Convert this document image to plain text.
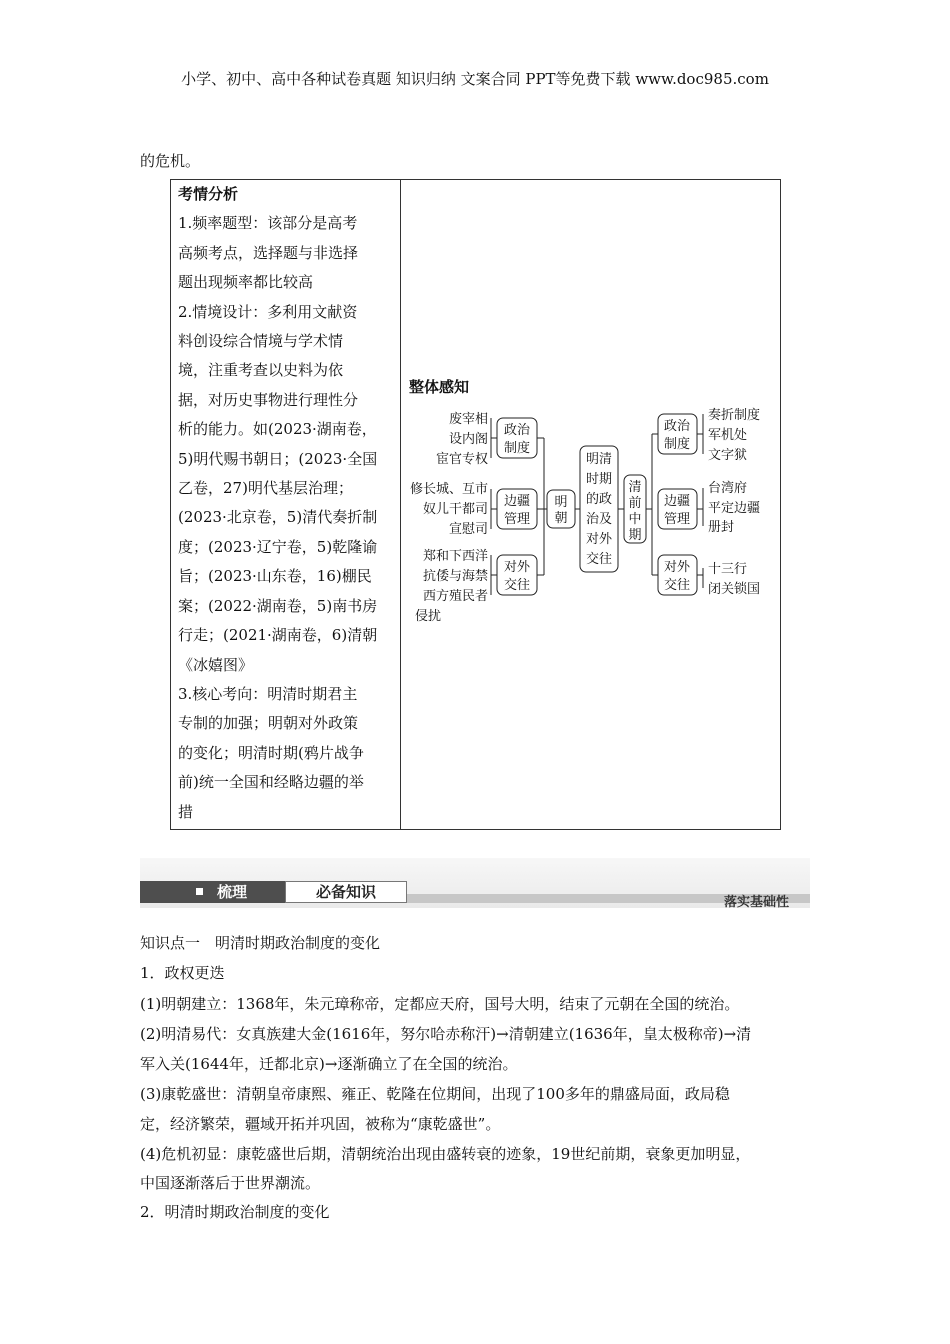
小学、初中、高中各种试卷真题 知识归纳 文案合同 PPT等免费下载 www.doc985.com
的危机。
考情分析
1.频率题型：该部分是高考
高频考点，选择题与非选择
题出现频率都比较高
2.情境设计：多利用文献资
料创设综合情境与学术情
境，注重考查以史料为依
据，对历史事物进行理性分
析的能力。如(2023·湖南卷，
5)明代赐书朝日；(2023·全国
乙卷，27)明代基层治理；
(2023·北京卷，5)清代奏折制
度；(2023·辽宁卷，5)乾隆谕
旨；(2023·山东卷，16)棚民
案；(2022·湖南卷，5)南书房
行走；(2021·湖南卷，6)清朝
《冰嬉图》
3.核心考向：明清时期君主
专制的加强；明朝对外政策
的变化；明清时期(鸦片战争
前)统一全国和经略边疆的举
措
整体感知
废宰相
设内阁
宦官专权
修长城、互市
奴儿干都司
宣慰司
郑和下西洋
抗倭与海禁
西方殖民者
侵扰
政治
制度
边疆
管理
对外
交往
明
朝
明清
时期
的政
治及
对外
交往
清
前
中
期
政治
制度
边疆
管理
对外
交往
奏折制度
军机处
文字狱
台湾府
平定边疆
册封
十三行
闭关锁国
梳理	必备知识
落实基础性

知识点一　明清时期政治制度的变化

1．政权更迭

(1)明朝建立：1368年，朱元璋称帝，定都应天府，国号大明，结束了元朝在全国的统治。

(2)明清易代：女真族建大金(1616年，努尔哈赤称汗)→清朝建立(1636年，皇太极称帝)→清

军入关(1644年，迁都北京)→逐渐确立了在全国的统治。

(3)康乾盛世：清朝皇帝康熙、雍正、乾隆在位期间，出现了100多年的鼎盛局面，政局稳

定，经济繁荣，疆域开拓并巩固，被称为“康乾盛世”。

(4)危机初显：康乾盛世后期，清朝统治出现由盛转衰的迹象，19世纪前期，衰象更加明显，

中国逐渐落后于世界潮流。

2．明清时期政治制度的变化
